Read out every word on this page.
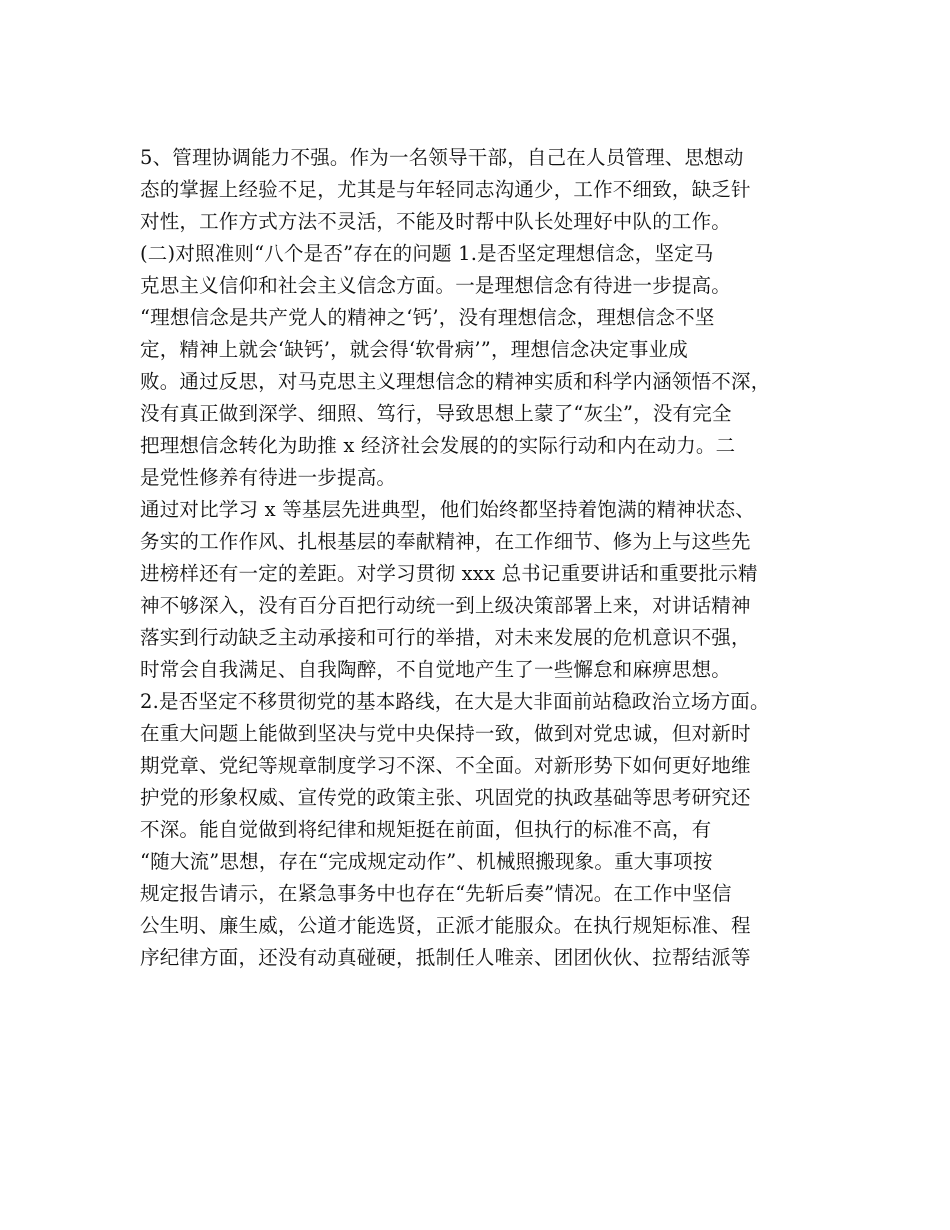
5、管理协调能力不强。作为一名领导干部，自己在人员管理、思想动
态的掌握上经验不足，尤其是与年轻同志沟通少，工作不细致，缺乏针
对性，工作方式方法不灵活，不能及时帮中队长处理好中队的工作。
(二)对照准则“八个是否”存在的问题 1.是否坚定理想信念，坚定马
克思主义信仰和社会主义信念方面。一是理想信念有待进一步提高。
“理想信念是共产党人的精神之‘钙’，没有理想信念，理想信念不坚
定，精神上就会‘缺钙’，就会得‘软骨病’”，理想信念决定事业成
败。通过反思，对马克思主义理想信念的精神实质和科学内涵领悟不深，
没有真正做到深学、细照、笃行，导致思想上蒙了“灰尘”，没有完全
把理想信念转化为助推 x 经济社会发展的的实际行动和内在动力。二
是党性修养有待进一步提高。
通过对比学习 x 等基层先进典型，他们始终都坚持着饱满的精神状态、
务实的工作作风、扎根基层的奉献精神，在工作细节、修为上与这些先
进榜样还有一定的差距。对学习贯彻 xxx 总书记重要讲话和重要批示精
神不够深入，没有百分百把行动统一到上级决策部署上来，对讲话精神
落实到行动缺乏主动承接和可行的举措，对未来发展的危机意识不强，
时常会自我满足、自我陶醉，不自觉地产生了一些懈怠和麻痹思想。
2.是否坚定不移贯彻党的基本路线，在大是大非面前站稳政治立场方面。
在重大问题上能做到坚决与党中央保持一致，做到对党忠诚，但对新时
期党章、党纪等规章制度学习不深、不全面。对新形势下如何更好地维
护党的形象权威、宣传党的政策主张、巩固党的执政基础等思考研究还
不深。能自觉做到将纪律和规矩挺在前面，但执行的标准不高，有
“随大流”思想，存在“完成规定动作”、机械照搬现象。重大事项按
规定报告请示，在紧急事务中也存在“先斩后奏”情况。在工作中坚信
公生明、廉生威，公道才能选贤，正派才能服众。在执行规矩标准、程
序纪律方面，还没有动真碰硬，抵制任人唯亲、团团伙伙、拉帮结派等
